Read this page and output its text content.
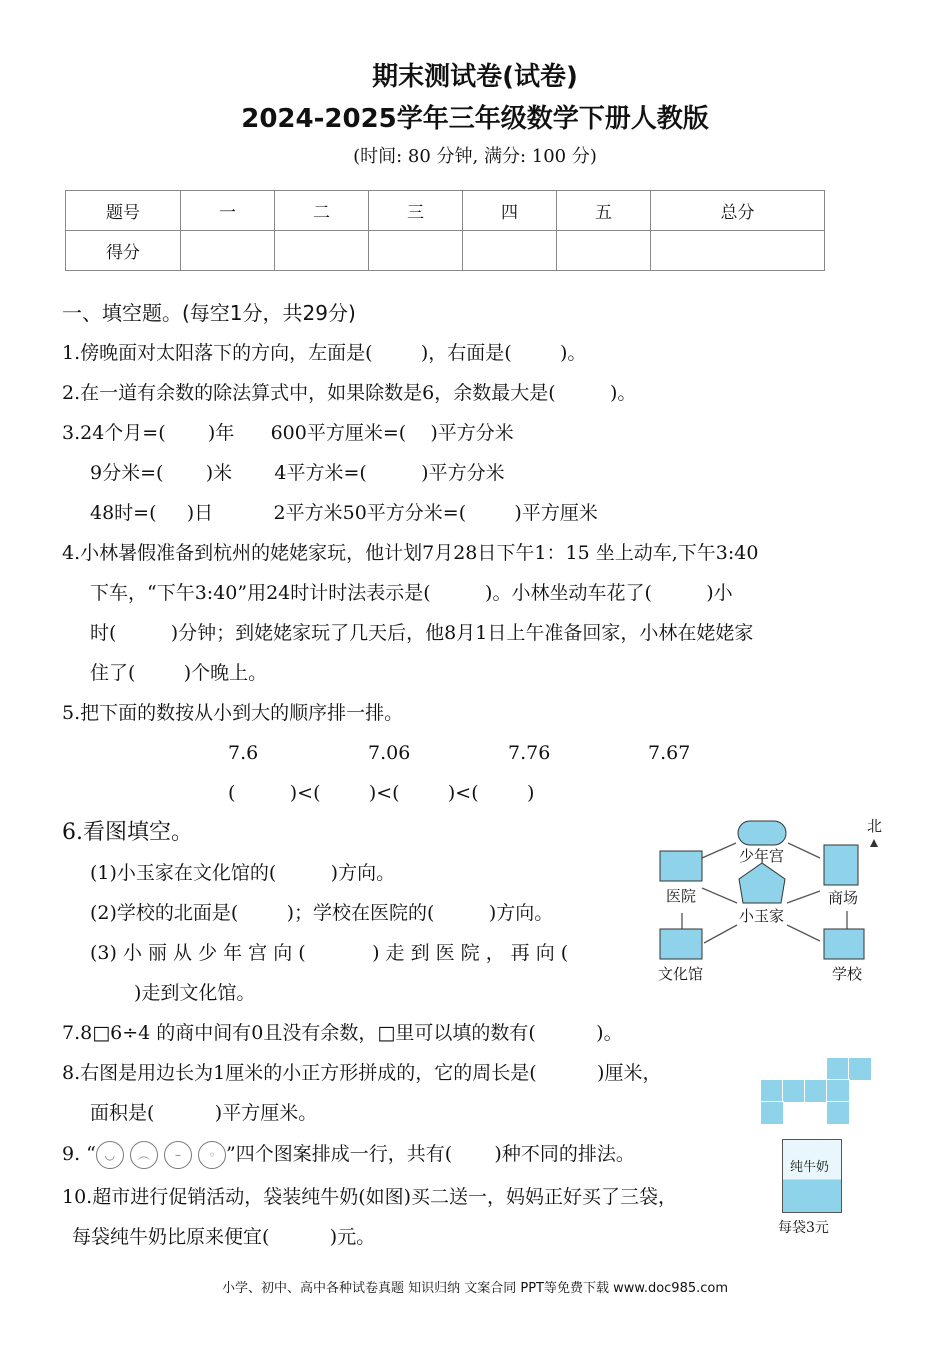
期末测试卷(试卷)
2024-2025学年三年级数学下册人教版
(时间: 80 分钟, 满分: 100 分)
题号	一	二	三	四	五	总分
得分						
一、填空题。(每空1分，共29分)
1.傍晚面对太阳落下的方向，左面是(        )，右面是(        )。
2.在一道有余数的除法算式中，如果除数是6，余数最大是(         )。
3.24个月=(       )年      600平方厘米=(    )平方分米
9分米=(       )米       4平方米=(         )平方分米
48时=(     )日          2平方米50平方分米=(        )平方厘米
4.小林暑假准备到杭州的姥姥家玩，他计划7月28日下午1：15 坐上动车,下午3:40
下车，“下午3:40”用24时计时法表示是(         )。小林坐动车花了(         )小
时(         )分钟；到姥姥家玩了几天后，他8月1日上午准备回家，小林在姥姥家
住了(        )个晚上。
5.把下面的数按从小到大的顺序排一排。
7.6	7.06	7.76	7.67
(         )<(        )<(        )<(        )
6.看图填空。
(1)小玉家在文化馆的(         )方向。
(2)学校的北面是(        )；学校在医院的(         )方向。
(3) 小 丽 从 少 年 宫 向 (           ) 走 到 医 院 ， 再 向 (
)走到文化馆。
北
少年宫
医院	商场
小玉家
文化馆	学校
7.8□6÷4 的商中间有0且没有余数，□里可以填的数有(          )。
8.右图是用边长为1厘米的小正方形拼成的，它的周长是(          )厘米，
面积是(          )平方厘米。
9. “ ◡ ︵ – ◦ ”四个图案排成一行，共有(       )种不同的排法。
10.超市进行促销活动，袋装纯牛奶(如图)买二送一，妈妈正好买了三袋，
每袋纯牛奶比原来便宜(          )元。
纯牛奶
每袋3元
小学、初中、高中各种试卷真题 知识归纳 文案合同 PPT等免费下载 www.doc985.com
